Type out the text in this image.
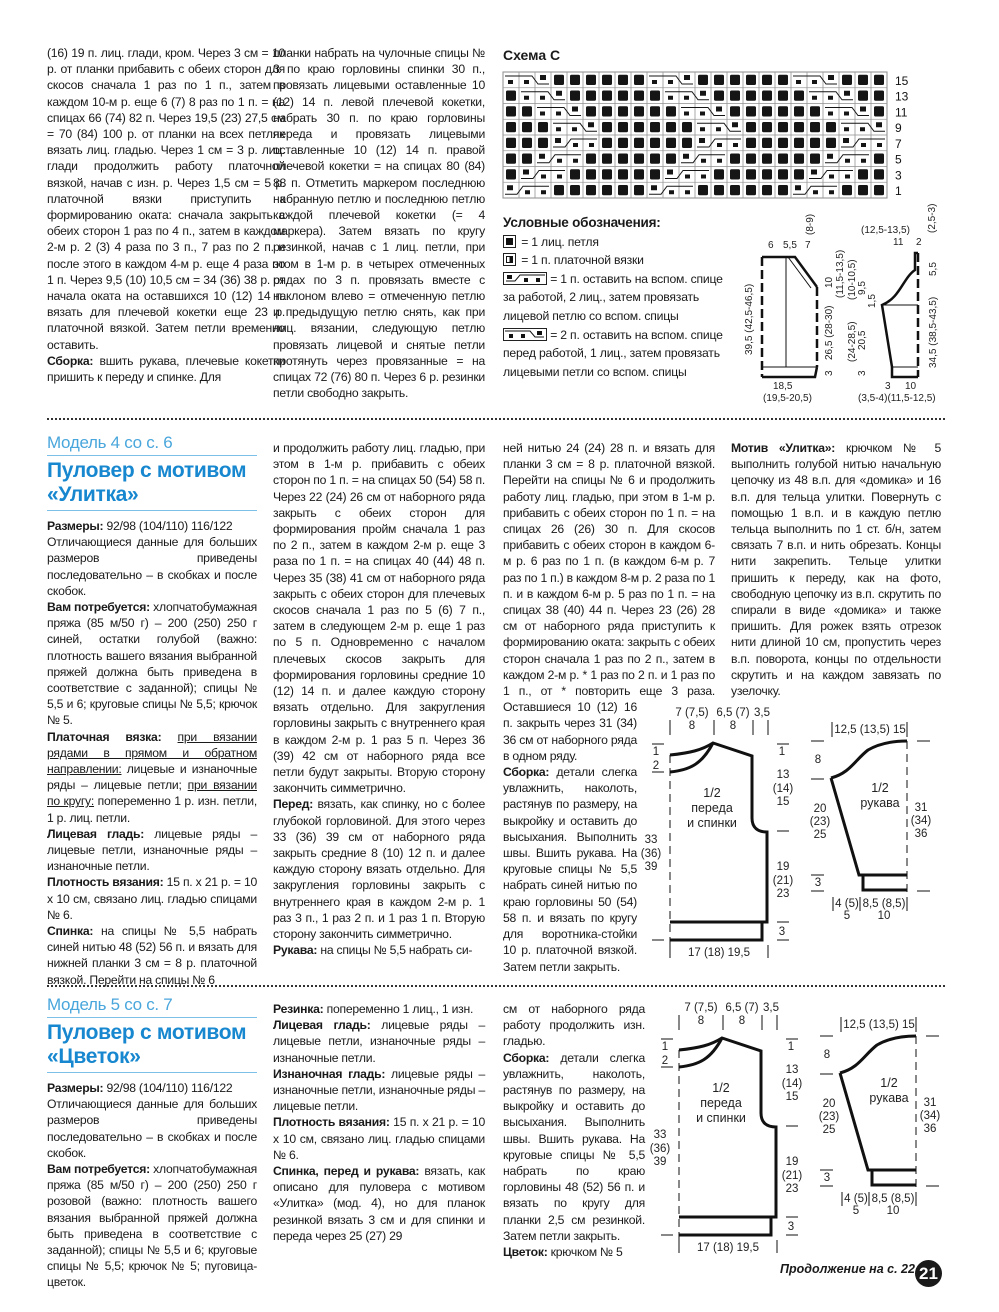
(16) 19 п. лиц. глади, кром. Через 3 см = 10 р. от планки прибавить с обеих сторон для скосов сначала 1 раз по 1 п., затем в каждом 10-м р. еще 6 (7) 8 раз по 1 п. = на спицах 66 (74) 82 п. Через 19,5 (23) 27,5 см = 70 (84) 100 р. от планки на всех петлях вязать лиц. гладью. Через 1 см = 3 р. лиц. глади продолжить работу платочной вязкой, начав с изн. р. Через 1,5 см = 5 р. платочной вязки приступить к формированию оката: сначала закрыть с обеих сторон 1 раз по 4 п., затем в каждом 2-м р. 2 (3) 4 раза по 3 п., 7 раз по 2 п. и после этого в каждом 4-м р. еще 4 раза по 1 п. Через 9,5 (10) 10,5 см = 34 (36) 38 р. от начала оката на оставшихся 10 (12) 14 п. вязать для плечевой кокетки еще 23 р. платочной вязкой. Затем петли временно оставить.

Сборка: вшить рукава, плечевые кокетки пришить к переду и спинке. Для

планки набрать на чулочные спицы № 3 по краю горловины спинки 30 п., провязать лицевыми оставленные 10 (12) 14 п. левой плечевой кокетки, набрать 30 п. по краю горловины переда и провязать лицевыми оставленные 10 (12) 14 п. правой плечевой кокетки = на спицах 80 (84) 88 п. Отметить маркером последнюю набранную петлю и последнюю петлю каждой плечевой кокетки (= 4 маркера). Затем вязать по кругу резинкой, начав с 1 лиц. петли, при этом в 1-м р. в четырех отмеченных рядах по 3 п. провязать вместе с наклоном влево = отмеченную петлю и предыдущую петлю снять, как при лиц. вязании, следующую петлю провязать лицевой и снятые петли протянуть через провязанные = на спицах 72 (76) 80 п. Через 6 р. резинки петли свободно закрыть.

Схема С
15
13
11
9
7
5
3
1
Условные обозначения:
= 1 лиц. петля
= 1 п. платочной вязки
= 1 п. оставить на вспом. спице за работой, 2 лиц., затем провязать лицевой петлю со вспом. спицы
= 2 п. оставить на вспом. спице перед работой, 1 лиц., затем провязать лицевыми петли со вспом. спицы
6 5,5 7
(8-9)
39,5 (42,5-46,5)	26,5 (28-30)
10 (11,5-13,5)
18,5
(19,5-20,5)
3
(12,5-13,5)
11 2
(2,5-3)
5,5
34,5 (38,5-43,5)
(10-10,5) 9,5
1,5
(24-28,5) 20,5
3
3 10
(3,5-4)(11,5-12,5)
Модель 4 со с. 6
Пуловер с мотивом «Улитка»

Размеры: 92/98 (104/110) 116/122

Отличающиеся данные для больших размеров приведены последовательно – в скобках и после скобок.

Вам потребуется: хлопчатобумажная пряжа (85 м/50 г) – 200 (250) 250 г синей, остатки голубой (важно: плотность вашего вязания выбранной пряжей должна быть приведена в соответствие с заданной); спицы № 5,5 и 6; круговые спицы № 5,5; крючок № 5.

Платочная вязка: при вязании рядами в прямом и обратном направлении: лицевые и изнаночные ряды – лицевые петли; при вязании по кругу: попеременно 1 р. изн. петли, 1 р. лиц. петли.

Лицевая гладь: лицевые ряды – лицевые петли, изнаночные ряды – изнаночные петли.

Плотность вязания: 15 п. х 21 р. = 10 х 10 см, связано лиц. гладью спицами № 6.

Спинка: на спицы № 5,5 набрать синей нитью 48 (52) 56 п. и вязать для нижней планки 3 см = 8 р. платочной вязкой. Перейти на спицы № 6

и продолжить работу лиц. гладью, при этом в 1-м р. прибавить с обеих сторон по 1 п. = на спицах 50 (54) 58 п. Через 22 (24) 26 см от наборного ряда закрыть с обеих сторон для формирования пройм сначала 1 раз по 2 п., затем в каждом 2-м р. еще 3 раза по 1 п. = на спицах 40 (44) 48 п. Через 35 (38) 41 см от наборного ряда закрыть с обеих сторон для плечевых скосов сначала 1 раз по 5 (6) 7 п., затем в следующем 2-м р. еще 1 раз по 5 п. Одновременно с началом плечевых скосов закрыть для формирования горловины средние 10 (12) 14 п. и далее каждую сторону вязать отдельно. Для закругления горловины закрыть с внутреннего края в каждом 2-м р. 1 раз 5 п. Через 36 (39) 42 см от наборного ряда все петли будут закрыты. Вторую сторону закончить симметрично.

Перед: вязать, как спинку, но с более глубокой горловиной. Для этого через 33 (36) 39 см от наборного ряда закрыть средние 8 (10) 12 п. и далее каждую сторону вязать отдельно. Для закругления горловины закрыть с внутреннего края в каждом 2-м р. 1 раз 3 п., 1 раз 2 п. и 1 раз 1 п. Вторую сторону закончить симметрично.

Рукава: на спицы № 5,5 набрать си-

ней нитью 24 (24) 28 п. и вязать для планки 3 см = 8 р. платочной вязкой. Перейти на спицы № 6 и продолжить работу лиц. гладью, при этом в 1-м р. прибавить с обеих сторон по 1 п. = на спицах 26 (26) 30 п. Для скосов прибавить с обеих сторон в каждом 6-м р. 6 раз по 1 п. (в каждом 6-м р. 7 раз по 1 п.) в каждом 8-м р. 2 раза по 1 п. и в каждом 6-м р. 5 раз по 1 п. = на спицах 38 (40) 44 п. Через 23 (26) 28 см от наборного ряда приступить к формированию оката: закрыть с обеих сторон сначала 1 раз по 2 п., затем в каждом 2-м р. * 1 раз по 2 п. и 1 раз по 1 п., от * повторить еще 3 раза. Оставшиеся 10 (12) 16 п. закрыть через 31 (34) 36 см от наборного ряда в одном ряду.

Сборка: детали слегка увлажнить, наколоть, растянув по размеру, на выкройку и оставить до высыхания. Выполнить швы. Вшить рукава. На круговые спицы № 5,5 набрать синей нитью по краю горловины 50 (54) 58 п. и вязать по кругу для воротника-стойки 10 р. платочной вязкой. Затем петли закрыть.

Мотив «Улитка»: крючком № 5 выполнить голубой нитью начальную цепочку из 48 в.п. для «домика» и 16 в.п. для тельца улитки. Повернуть с помощью 1 в.п. и в каждую петлю тельца выполнить по 1 ст. б/н, затем связать 7 в.п. и нить обрезать. Концы нити закрепить. Тельце улитки пришить к переду, как на фото, свободную цепочку из в.п. скрутить по спирали в виде «домика» и также пришить. Для рожек взять отрезок нити длиной 10 см, пропустить через в.п. поворота, концы по отдельности скрутить и на каждом завязать по узелочку.

7 (7,5)
8
6,5 (7)
8
3,5
1
2
33
(36)
39
1
13
(14)
15
19
(21)
23
3
17 (18) 19,5
1/2
переда
и спинки
12,5 (13,5) 15
8
20
(23)
25
3
31
(34)
36
4 (5)
5
8,5 (8,5)
10
1/2
рукава
Модель 5 со с. 7
Пуловер с мотивом «Цветок»

Размеры: 92/98 (104/110) 116/122

Отличающиеся данные для больших размеров приведены последовательно – в скобках и после скобок.

Вам потребуется: хлопчатобумажная пряжа (85 м/50 г) – 200 (250) 250 г розовой (важно: плотность вашего вязания выбранной пряжей должна быть приведена в соответствие с заданной); спицы № 5,5 и 6; круговые спицы № 5,5; крючок № 5; пуговица-цветок.

Резинка: попеременно 1 лиц., 1 изн.

Лицевая гладь: лицевые ряды – лицевые петли, изнаночные ряды – изнаночные петли.

Изнаночная гладь: лицевые ряды – изнаночные петли, изнаночные ряды – лицевые петли.

Плотность вязания: 15 п. х 21 р. = 10 х 10 см, связано лиц. гладью спицами № 6.

Спинка, перед и рукава: вязать, как описано для пуловера с мотивом «Улитка» (мод. 4), но для планок резинкой вязать 3 см и для спинки и переда через 25 (27) 29

см от наборного ряда работу продолжить изн. гладью.

Сборка: детали слегка увлажнить, наколоть, растянув по размеру, на выкройку и оставить до высыхания. Выполнить швы. Вшить рукава. На круговые спицы № 5,5 набрать по краю горловины 48 (52) 56 п. и вязать по кругу для планки 2,5 см резинкой. Затем петли закрыть.

Цветок: крючком № 5

7 (7,5)
8
6,5 (7)
8
3,5
1
2
33
(36)
39
1
13
(14)
15
19
(21)
23
3
17 (18) 19,5
1/2
переда
и спинки
12,5 (13,5) 15
8
20
(23)
25
3
31
(34)
36
4 (5)
5
8,5 (8,5)
10
1/2
рукава
Продолжение на с. 22 21
